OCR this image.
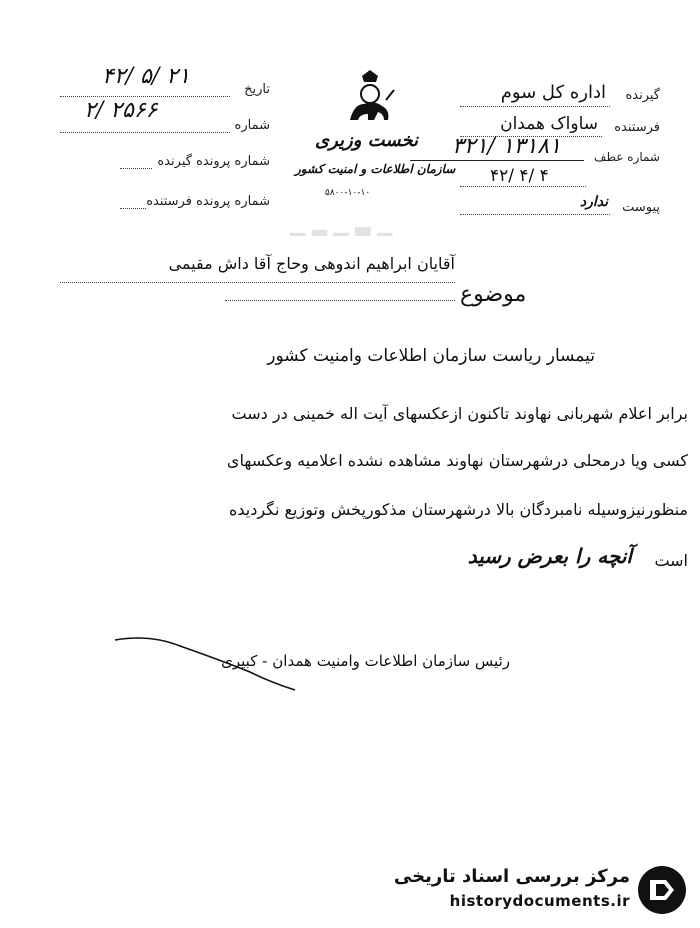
تاریخ
۴۲/ ۵/ ۲۱
شماره
۲/ ۲۵۶۶
شماره پرونده گیرنده
شماره پرونده فرستنده
نخست وزیری
سازمان اطلاعات و امنیت کشور
۵۸۰۰-۱۰-۱۰
▁ ▂ ▁ ▃ ▁
گیرنده
اداره کل سوم
فرستنده
ساواک همدان
شماره عطف
۳۲۱/ ۱۳۱۸۱
۴۲/ ۴/ ۴
پیوست
ندارد
آقایان ابراهیم اندوهی وحاج آقا داش مقیمی
موضوع
تیمسار ریاست سازمان اطلاعات وامنیت کشور
برابر اعلام شهربانی نهاوند تاکنون ازعکسهای آیت اله خمینی در دست
کسی ویا درمحلی درشهرستان نهاوند مشاهده نشده اعلامیه وعکسهای
منظورنیزوسیله نامبردگان بالا درشهرستان مذکورپخش وتوزیع نگردیده
است
آنچه را بعرض رسید
رئیس سازمان اطلاعات وامنیت همدان - کبیری
مرکز بررسی اسناد تاریخی
historydocuments.ir
